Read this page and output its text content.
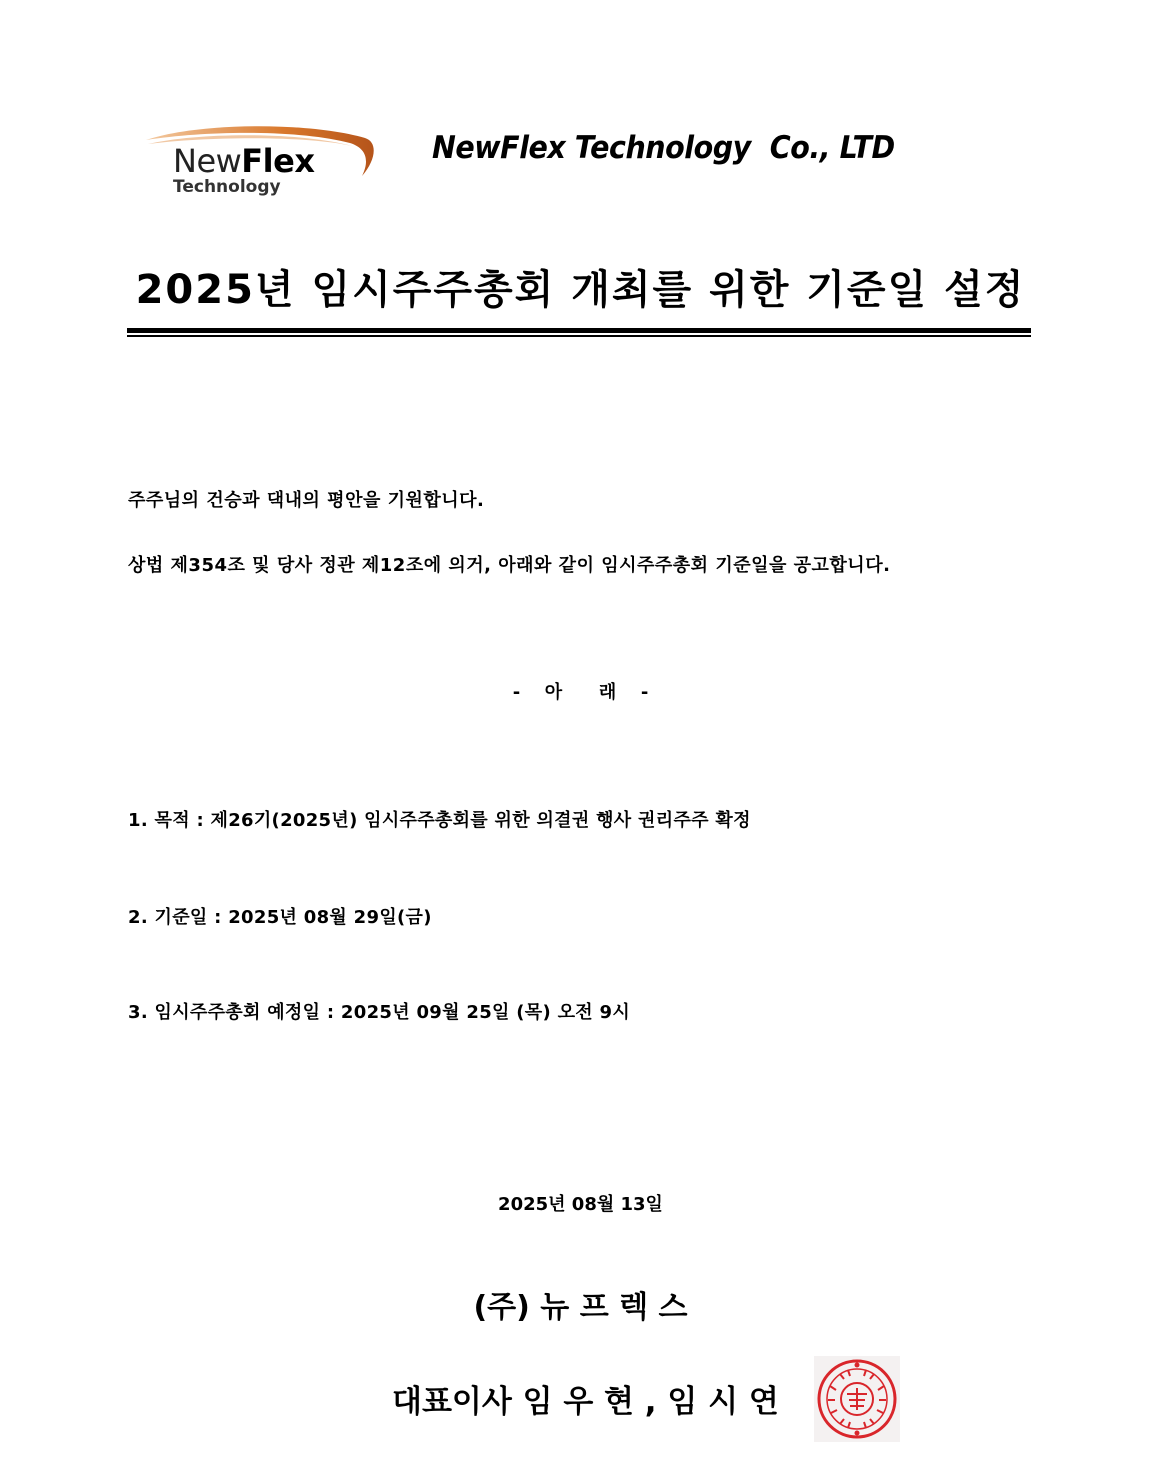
NewFlex
Technology
NewFlex Technology  Co., LTD
2025년 임시주주총회 개최를 위한 기준일 설정
주주님의 건승과 댁내의 평안을 기원합니다.
상법 제354조 및 당사 정관 제12조에 의거, 아래와 같이 임시주주총회 기준일을 공고합니다.
-  아   래  -
1. 목적 : 제26기(2025년) 임시주주총회를 위한 의결권 행사 권리주주 확정
2. 기준일 : 2025년 08월 29일(금)
3. 임시주주총회 예정일 : 2025년 09월 25일 (목) 오전 9시
2025년 08월 13일
(주) 뉴 프 렉 스
대표이사 임 우 현 , 임 시 연
